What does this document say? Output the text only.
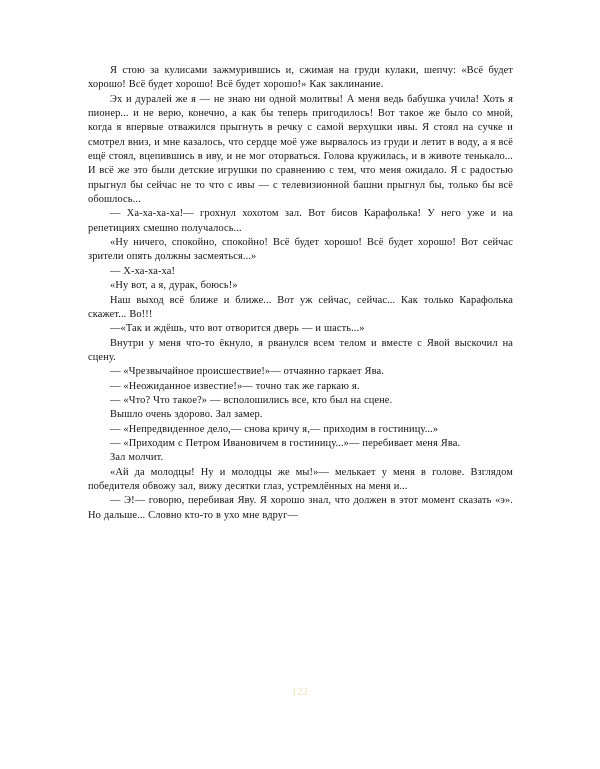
Я стою за кулисами зажмурившись и, сжимая на груди кулаки, шепчу: «Всё будет хорошо! Всё будет хорошо! Всё будет хорошо!» Как заклинание.

Эх и дуралей же я — не знаю ни одной молитвы! А меня ведь бабушка учила! Хоть я пионер... и не верю, конечно, а как бы теперь пригодилось! Вот такое же было со мной, когда я впервые отважился прыгнуть в речку с самой верхушки ивы. Я стоял на сучке и смотрел вниз, и мне казалось, что сердце моё уже вырвалось из груди и летит в воду, а я всё ещё стоял, вцепившись в иву, и не мог оторваться. Голова кружилась, и в животе тенькало... И всё же это были детские игрушки по сравнению с тем, что меня ожидало. Я с радостью прыгнул бы сейчас не то что с ивы — с телевизионной башни прыгнул бы, только бы всё обошлось...

— Ха-ха-ха-ха!— грохнул хохотом зал. Вот бисов Карафолька! У него уже и на репетициях смешно получалось...

«Ну ничего, спокойно, спокойно! Всё будет хорошо! Всё будет хорошо! Вот сейчас зрители опять должны засмеяться...»

— Х-ха-ха-ха!

«Ну вот, а я, дурак, боюсь!»

Наш выход всё ближе и ближе... Вот уж сейчас, сейчас... Как только Карафолька скажет... Во!!!

—«Так и ждёшь, что вот отворится дверь — и шасть...»

Внутри у меня что-то ёкнуло, я рванулся всем телом и вместе с Явой выскочил на сцену.

— «Чрезвычайное происшествие!»— отчаянно гаркает Ява.

— «Неожиданное известие!»— точно так же гаркаю я.

— «Что? Что такое?» — всполошились все, кто был на сцене.

Вышло очень здорово. Зал замер.

— «Непредвиденное дело,— снова кричу я,— приходим в гостиницу...»

— «Приходим с Петром Ивановичем в гостиницу...»— перебивает меня Ява.

Зал молчит.

«Ай да молодцы! Ну и молодцы же мы!»— мелькает у меня в голове. Взглядом победителя обвожу зал, вижу десятки глаз, устремлённых на меня и...

— Э!— говорю, перебивая Яву. Я хорошо знал, что должен в этот момент сказать «э». Но дальше... Словно кто-то в ухо мне вдруг—

122
